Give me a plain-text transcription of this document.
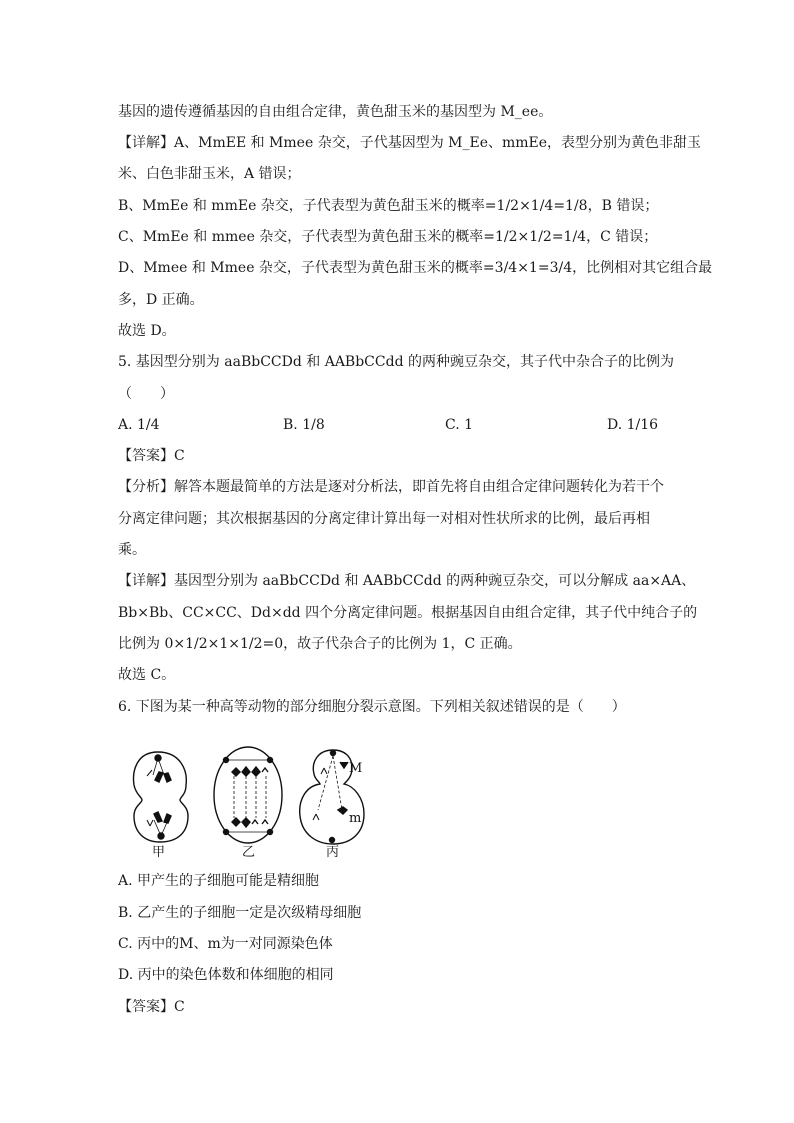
基因的遗传遵循基因的自由组合定律，黄色甜玉米的基因型为 M_ee。
【详解】A、MmEE 和 Mmee 杂交，子代基因型为 M_Ee、mmEe，表型分别为黄色非甜玉
米、白色非甜玉米，A 错误；
B、MmEe 和 mmEe 杂交，子代表型为黄色甜玉米的概率=1/2×1/4=1/8，B 错误；
C、MmEe 和 mmee 杂交，子代表型为黄色甜玉米的概率=1/2×1/2=1/4，C 错误；
D、Mmee 和 Mmee 杂交，子代表型为黄色甜玉米的概率=3/4×1=3/4，比例相对其它组合最
多，D 正确。
故选 D。
5. 基因型分别为 aaBbCCDd 和 AABbCCdd 的两种豌豆杂交，其子代中杂合子的比例为
（　　）
A. 1/4	B. 1/8	C. 1	D. 1/16
【答案】C
【分析】解答本题最简单的方法是逐对分析法，即首先将自由组合定律问题转化为若干个
分离定律问题；其次根据基因的分离定律计算出每一对相对性状所求的比例，最后再相
乘。
【详解】基因型分别为 aaBbCCDd 和 AABbCCdd 的两种豌豆杂交，可以分解成 aa×AA、
Bb×Bb、CC×CC、Dd×dd 四个分离定律问题。根据基因自由组合定律，其子代中纯合子的
比例为 0×1/2×1×1/2=0，故子代杂合子的比例为 1，C 正确。
故选 C。
6. 下图为某一种高等动物的部分细胞分裂示意图。下列相关叙述错误的是（　　）
M
m
甲	乙	丙
A. 甲产生的子细胞可能是精细胞
B. 乙产生的子细胞一定是次级精母细胞
C. 丙中的M、m为一对同源染色体
D. 丙中的染色体数和体细胞的相同
【答案】C
